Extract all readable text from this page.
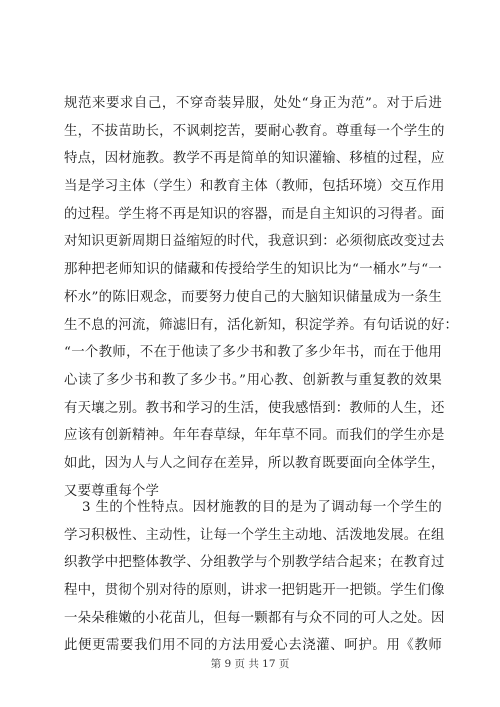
规范来要求自己，不穿奇装异服，处处“身正为范”。对于后进
生，不拔苗助长，不讽刺挖苦，要耐心教育。尊重每一个学生的
特点，因材施教。教学不再是简单的知识灌输、移植的过程，应
当是学习主体（学生）和教育主体（教师，包括环境）交互作用
的过程。学生将不再是知识的容器，而是自主知识的习得者。面
对知识更新周期日益缩短的时代，我意识到：必须彻底改变过去
那种把老师知识的储藏和传授给学生的知识比为“一桶水”与“一
杯水”的陈旧观念，而要努力使自己的大脑知识储量成为一条生
生不息的河流，筛滤旧有，活化新知，积淀学养。有句话说的好：
“一个教师，不在于他读了多少书和教了多少年书，而在于他用
心读了多少书和教了多少书。”用心教、创新教与重复教的效果
有天壤之别。教书和学习的生活，使我感悟到：教师的人生，还
应该有创新精神。年年春草绿，年年草不同。而我们的学生亦是
如此，因为人与人之间存在差异，所以教育既要面向全体学生，
又要尊重每个学
3 生的个性特点。因材施教的目的是为了调动每一个学生的
学习积极性、主动性，让每一个学生主动地、活泼地发展。在组
织教学中把整体教学、分组教学与个别教学结合起来；在教育过
程中，贯彻个别对待的原则，讲求一把钥匙开一把锁。学生们像
一朵朵稚嫩的小花苗儿，但每一颗都有与众不同的可人之处。因
此便更需要我们用不同的方法用爱心去浇灌、呵护。用《教师
第 9 页 共 17 页
